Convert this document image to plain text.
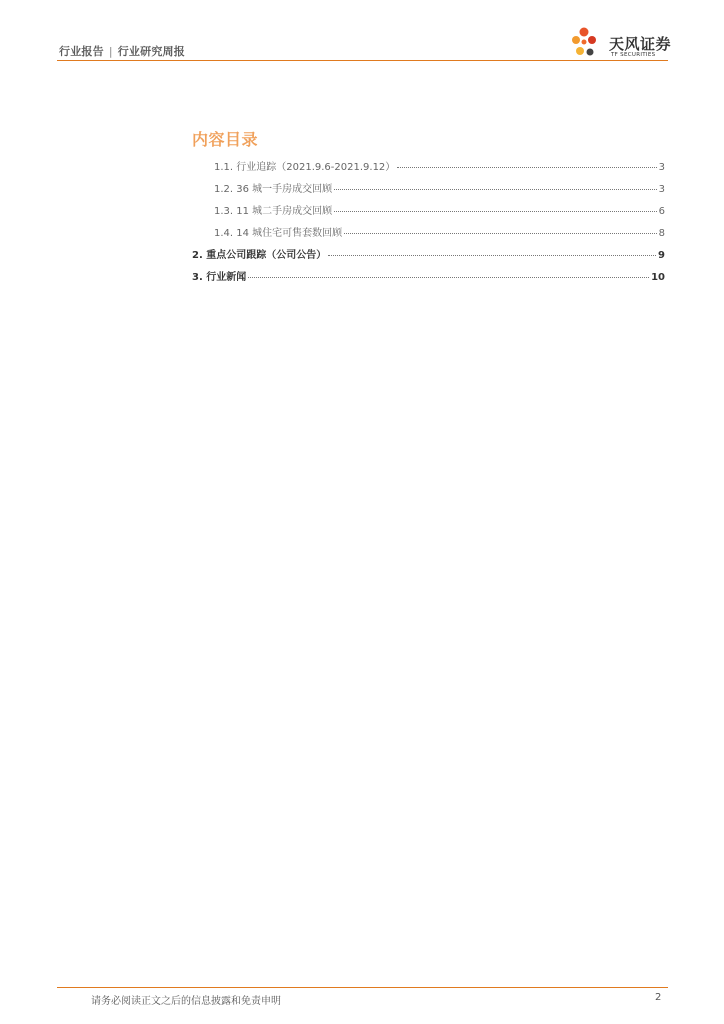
行业报告 | 行业研究周报	天风证券
TF SECURITIES
内容目录
1.1. 行业追踪（2021.9.6-2021.9.12）	3
1.2. 36 城一手房成交回顾	3
1.3. 11 城二手房成交回顾	6
1.4. 14 城住宅可售套数回顾	8
2. 重点公司跟踪（公司公告）	9
3. 行业新闻	10
请务必阅读正文之后的信息披露和免责申明	2
